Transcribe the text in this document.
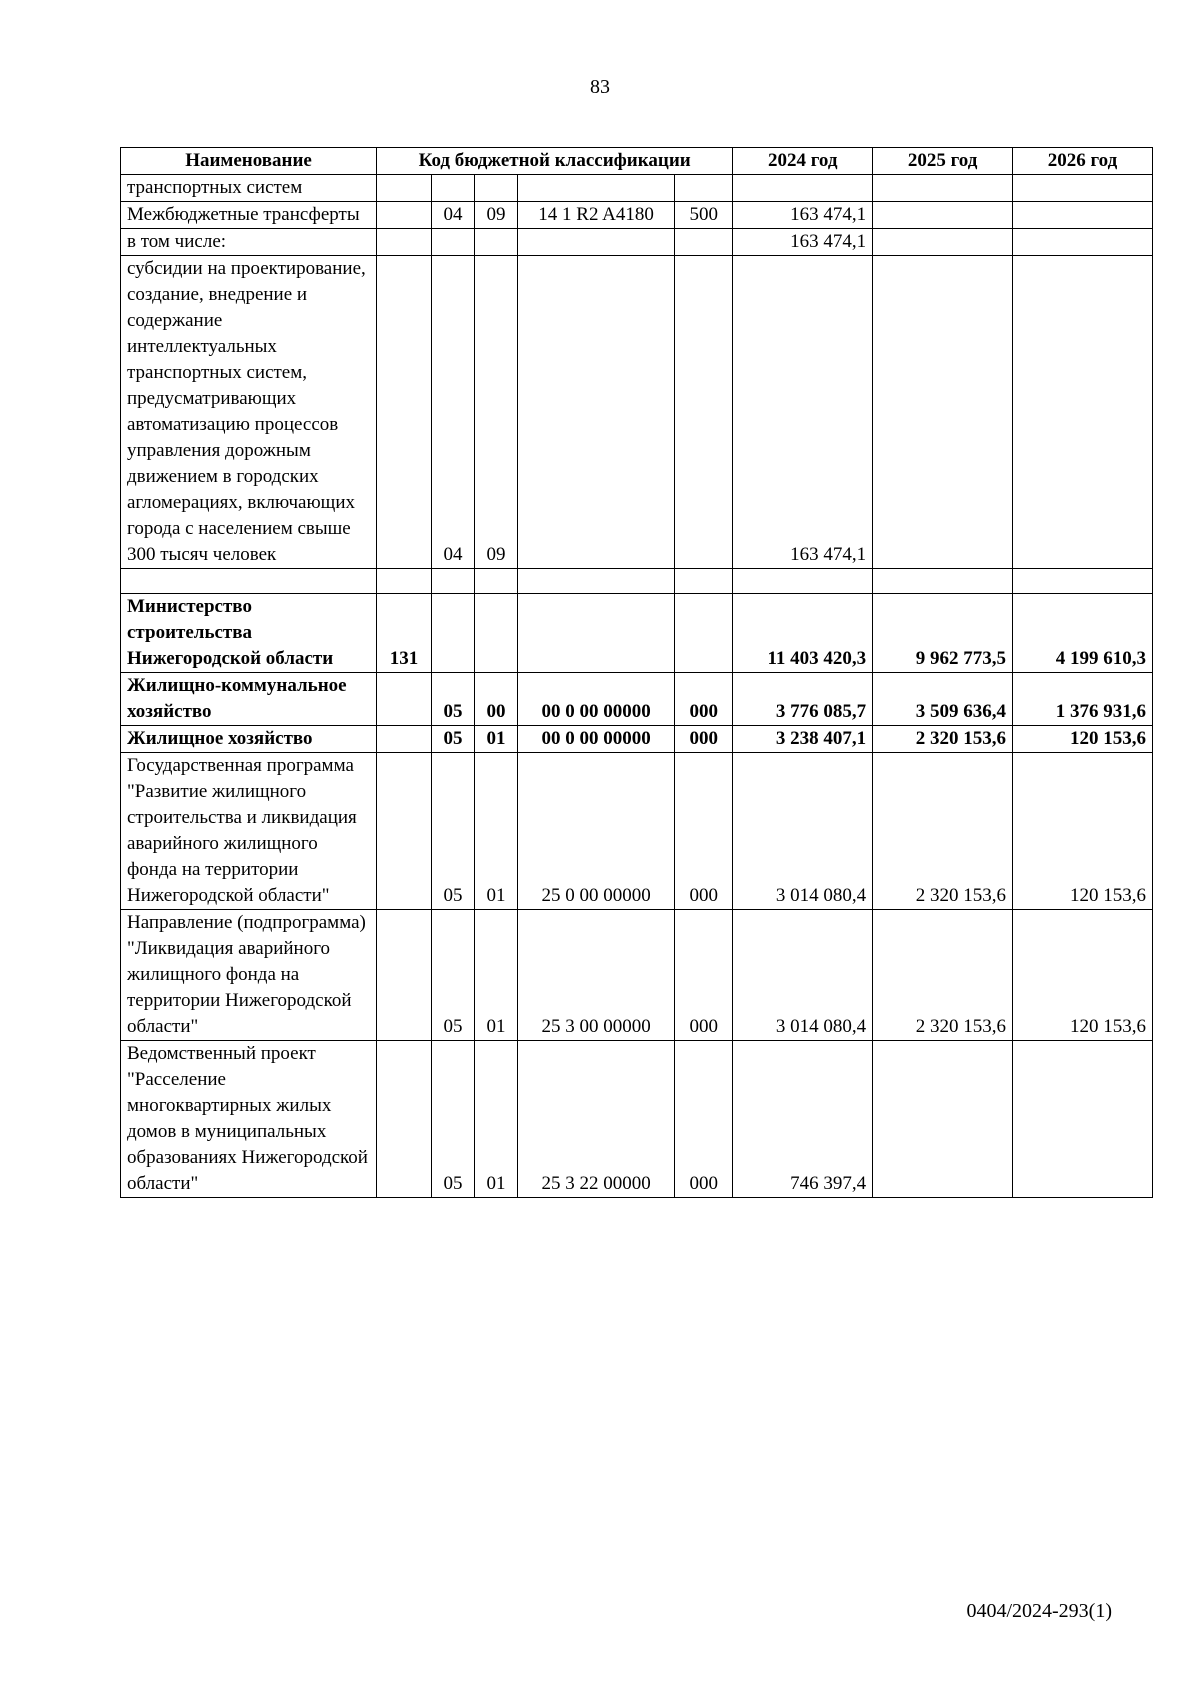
83
Наименование	Код бюджетной классификации					2024 год	2025 год	2026 год
транспортных систем								
Межбюджетные трансферты		04	09	14 1 R2 A4180	500	163 474,1		
в том числе:						163 474,1		
субсидии на проектирование, создание, внедрение и содержание интеллектуальных транспортных систем, предусматривающих автоматизацию процессов управления дорожным движением в городских агломерациях, включающих города с населением свыше 300 тысяч человек		04	09			163 474,1		

Министерство строительства Нижегородской области	131					11 403 420,3	9 962 773,5	4 199 610,3
Жилищно-коммунальное хозяйство		05	00	00 0 00 00000	000	3 776 085,7	3 509 636,4	1 376 931,6
Жилищное хозяйство		05	01	00 0 00 00000	000	3 238 407,1	2 320 153,6	120 153,6
Государственная программа "Развитие жилищного строительства и ликвидация аварийного жилищного фонда на территории Нижегородской области"		05	01	25 0 00 00000	000	3 014 080,4	2 320 153,6	120 153,6
Направление (подпрограмма) "Ликвидация аварийного жилищного фонда на территории Нижегородской области"		05	01	25 3 00 00000	000	3 014 080,4	2 320 153,6	120 153,6
Ведомственный проект "Расселение многоквартирных жилых домов в муниципальных образованиях Нижегородской области"		05	01	25 3 22 00000	000	746 397,4		
0404/2024-293(1)
